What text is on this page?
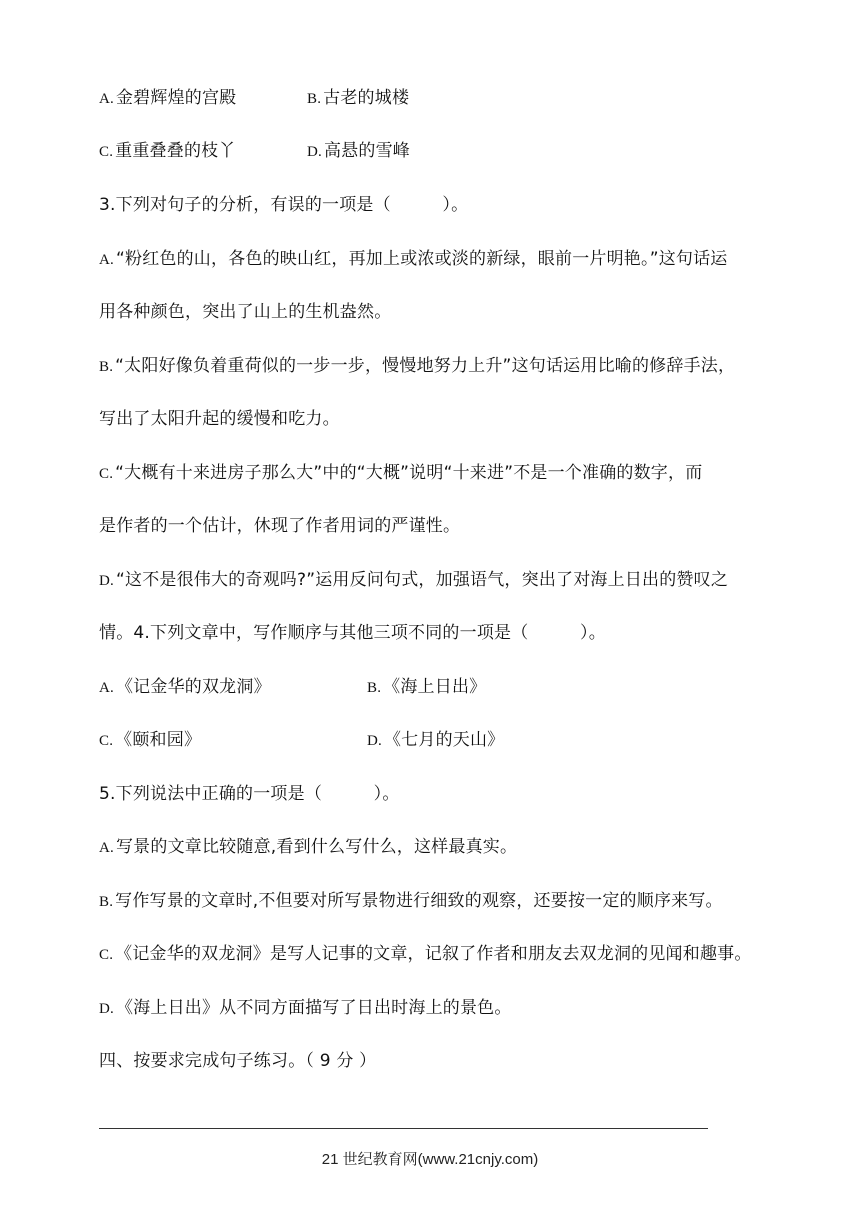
A. 金碧辉煌的宫殿	B. 古老的城楼
C. 重重叠叠的枝丫	D. 高悬的雪峰
3.下列对句子的分析，有误的一项是（　　　）。
A. “粉红色的山，各色的映山红，再加上或浓或淡的新绿，眼前一片明艳。”这句话运
用各种颜色，突出了山上的生机盎然。
B. “太阳好像负着重荷似的一步一步，慢慢地努力上升”这句话运用比喻的修辞手法，
写出了太阳升起的缓慢和吃力。
C. “大概有十来进房子那么大”中的“大概”说明“十来进”不是一个准确的数字，而
是作者的一个估计，休现了作者用词的严谨性。
D. “这不是很伟大的奇观吗?”运用反问句式，加强语气，突出了对海上日出的赞叹之
情。4.下列文章中，写作顺序与其他三项不同的一项是（　　　）。
A. 《记金华的双龙洞》	B. 《海上日出》
C. 《颐和园》	D. 《七月的天山》
5.下列说法中正确的一项是（　　　）。
A. 写景的文章比较随意,看到什么写什么，这样最真实。
B. 写作写景的文章时,不但要对所写景物进行细致的观察，还要按一定的顺序来写。
C. 《记金华的双龙洞》是写人记事的文章，记叙了作者和朋友去双龙洞的见闻和趣事。
D. 《海上日出》从不同方面描写了日出时海上的景色。
四、按要求完成句子练习。（ 9 分 ）
21 世纪教育网(www.21cnjy.com)
